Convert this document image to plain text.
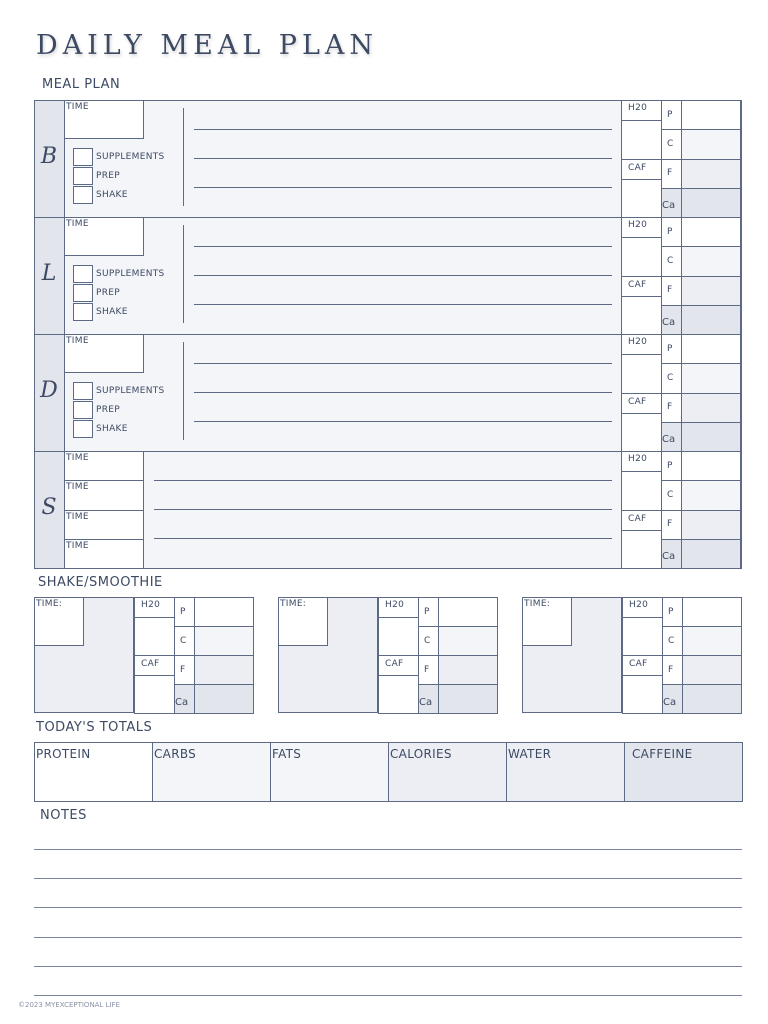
DAILY MEAL PLAN
MEAL PLAN
TIME
B	SUPPLEMENTS
PREP
SHAKE
P
C
F
Ca
H20
CAF
TIME
L	SUPPLEMENTS
PREP
SHAKE
P
C
F
Ca
H20
CAF
TIME
D	SUPPLEMENTS
PREP
SHAKE
P
C
F
Ca
H20
CAF
TIME
TIME
TIME
TIME
S
P
C
F
Ca
H20
CAF
SHAKE/SMOOTHIE
TIME:
P
C
F
Ca
H20
CAF
TIME:
P
C
F
Ca
H20
CAF
TIME:
P
C
F
Ca
H20
CAF
TODAY'S TOTALS
PROTEIN	CARBS	FATS	CALORIES	WATER	CAFFEINE
NOTES
©2023 MYEXCEPTIONAL LIFE
